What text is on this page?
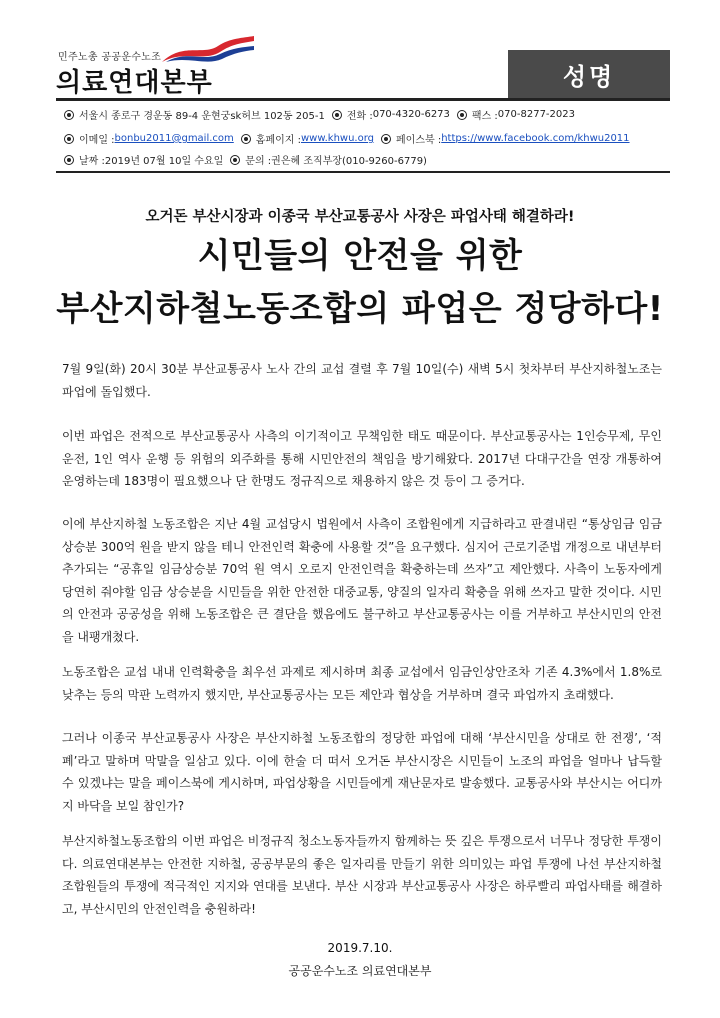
민주노총 공공운수노조
의료연대본부	성명
서울시 종로구 경운동 89-4 운현궁sk허브 102동 205-1 전화 : 070-4320-6273 팩스 : 070-8277-2023
이메일 : bonbu2011@gmail.com 홈페이지 : www.khwu.org 페이스북 : https://www.facebook.com/khwu2011
날짜 : 2019년 07월 10일 수요일 문의 : 권은혜 조직부장(010-9260-6779)
오거돈 부산시장과 이종국 부산교통공사 사장은 파업사태 해결하라!
시민들의 안전을 위한
부산지하철노동조합의 파업은 정당하다!
7월 9일(화) 20시 30분 부산교통공사 노사 간의 교섭 결렬 후 7월 10일(수) 새벽 5시 첫차부터 부산지하철노조는 파업에 돌입했다.
이번 파업은 전적으로 부산교통공사 사측의 이기적이고 무책임한 태도 때문이다. 부산교통공사는 1인승무제, 무인운전, 1인 역사 운행 등 위험의 외주화를 통해 시민안전의 책임을 방기해왔다. 2017년 다대구간을 연장 개통하여 운영하는데 183명이 필요했으나 단 한명도 정규직으로 채용하지 않은 것 등이 그 증거다.
이에 부산지하철 노동조합은 지난 4월 교섭당시 법원에서 사측이 조합원에게 지급하라고 판결내린 “통상임금 임금 상승분 300억 원을 받지 않을 테니 안전인력 확충에 사용할 것”을 요구했다. 심지어 근로기준법 개정으로 내년부터 추가되는 “공휴일 임금상승분 70억 원 역시 오로지 안전인력을 확충하는데 쓰자”고 제안했다. 사측이 노동자에게 당연히 줘야할 임금 상승분을 시민들을 위한 안전한 대중교통, 양질의 일자리 확충을 위해 쓰자고 말한 것이다. 시민의 안전과 공공성을 위해 노동조합은 큰 결단을 했음에도 불구하고 부산교통공사는 이를 거부하고 부산시민의 안전을 내팽개쳤다.
노동조합은 교섭 내내 인력확충을 최우선 과제로 제시하며 최종 교섭에서 임금인상안조차 기존 4.3%에서 1.8%로 낮추는 등의 막판 노력까지 했지만, 부산교통공사는 모든 제안과 협상을 거부하며 결국 파업까지 초래했다.
그러나 이종국 부산교통공사 사장은 부산지하철 노동조합의 정당한 파업에 대해 ‘부산시민을 상대로 한 전쟁’, ‘적폐’라고 말하며 막말을 일삼고 있다. 이에 한술 더 떠서 오거돈 부산시장은 시민들이 노조의 파업을 얼마나 납득할 수 있겠냐는 말을 페이스북에 게시하며, 파업상황을 시민들에게 재난문자로 발송했다. 교통공사와 부산시는 어디까지 바닥을 보일 참인가?
부산지하철노동조합의 이번 파업은 비정규직 청소노동자들까지 함께하는 뜻 깊은 투쟁으로서 너무나 정당한 투쟁이다. 의료연대본부는 안전한 지하철, 공공부문의 좋은 일자리를 만들기 위한 의미있는 파업 투쟁에 나선 부산지하철조합원들의 투쟁에 적극적인 지지와 연대를 보낸다. 부산 시장과 부산교통공사 사장은 하루빨리 파업사태를 해결하고, 부산시민의 안전인력을 충원하라!
2019.7.10.
공공운수노조 의료연대본부
